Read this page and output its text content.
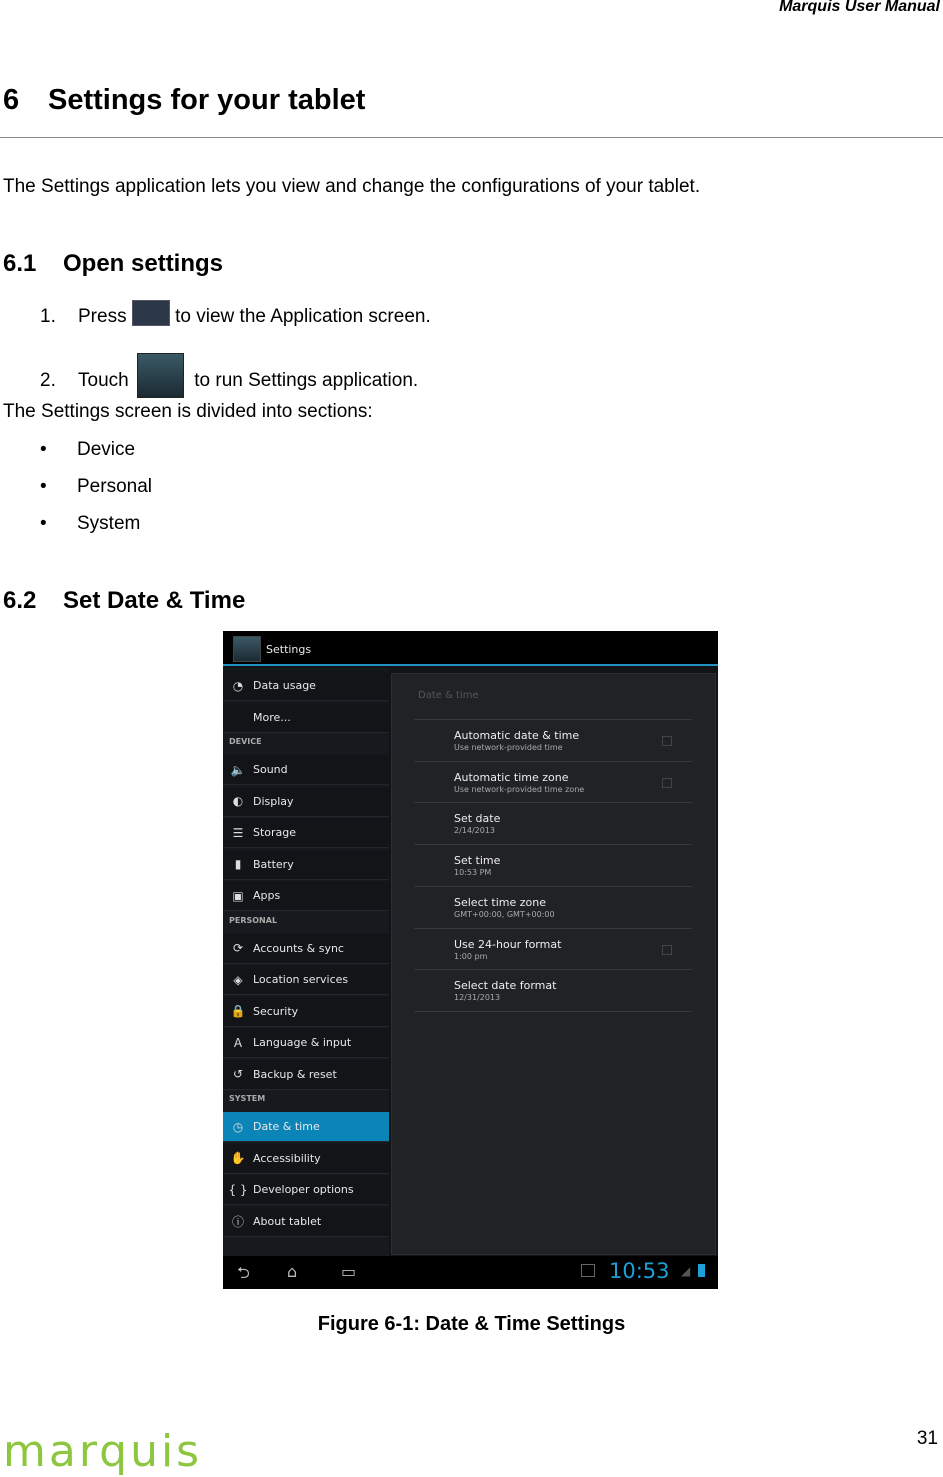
Marquis User Manual
6 Settings for your tablet
The Settings application lets you view and change the configurations of your tablet.
6.1 Open settings
1. Press	to view the Application screen.
2. Touch	to run Settings application.
The Settings screen is divided into sections:
• Device
• Personal
• System
6.2 Set Date & Time
Settings
◔ Data usage
More...
DEVICE
🔈 Sound
◐ Display
☰ Storage
▮	Battery
▣ Apps
PERSONAL
⟳ Accounts & sync
◈ Location services
🔒 Security
A Language & input
↺ Backup & reset
SYSTEM
◷ Date & time
✋ Accessibility
{ } Developer options
ⓘ About tablet
Date & time
Automatic date & time
Use network-provided time
Automatic time zone
Use network-provided time zone
Set date
2/14/2013
Set time
10:53 PM
Select time zone
GMT+00:00, GMT+00:00
Use 24-hour format
1:00 pm
Select date format
12/31/2013
⮌ ⌂	▭	10:53 ◢
Figure 6-1: Date & Time Settings
marquis	31
